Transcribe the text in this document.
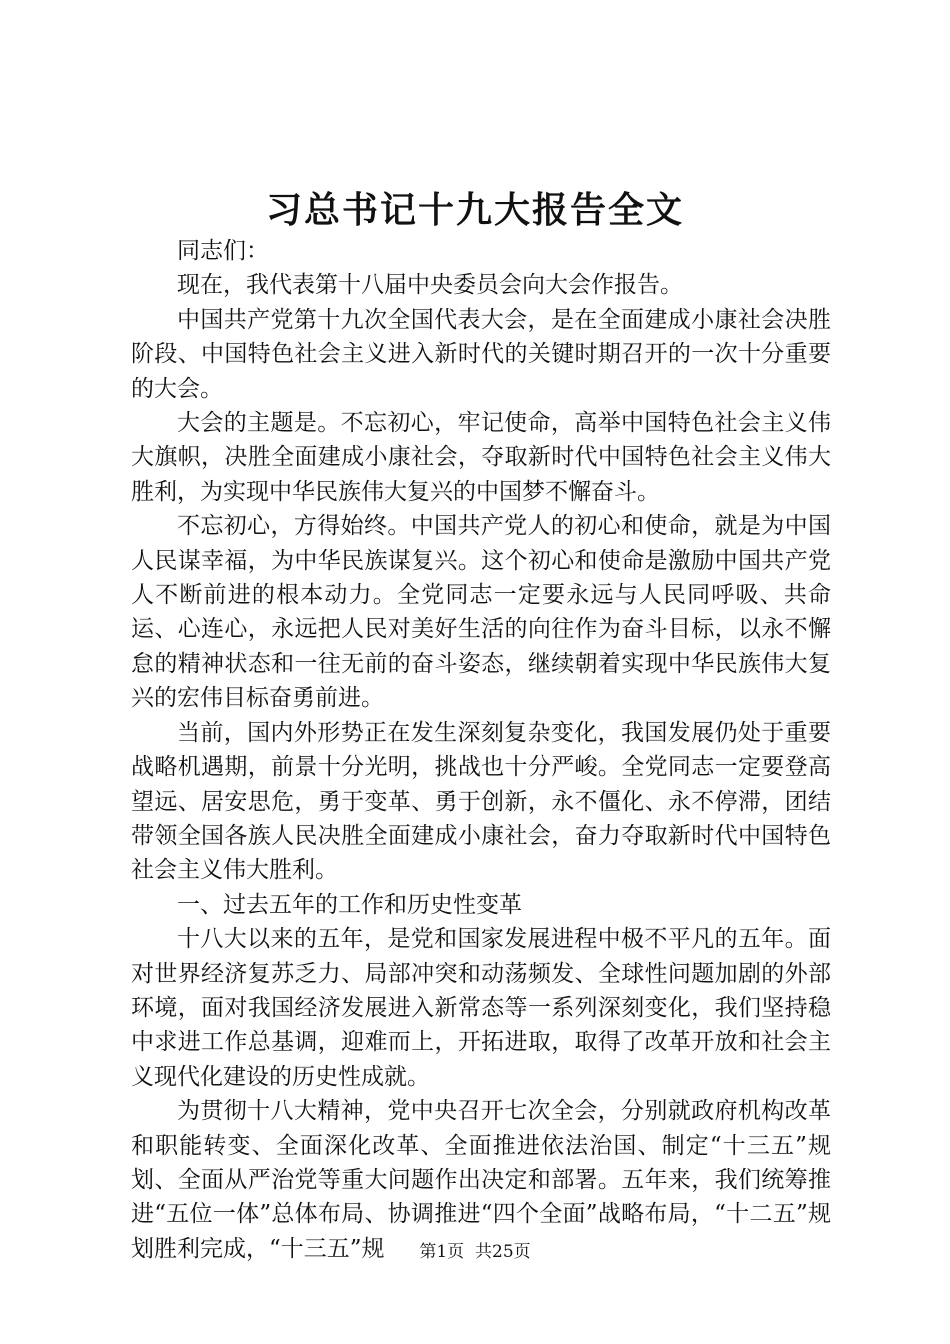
习总书记十九大报告全文

同志们：

现在，我代表第十八届中央委员会向大会作报告。

中国共产党第十九次全国代表大会，是在全面建成小康社会决胜阶段、中国特色社会主义进入新时代的关键时期召开的一次十分重要的大会。

大会的主题是。不忘初心，牢记使命，高举中国特色社会主义伟大旗帜，决胜全面建成小康社会，夺取新时代中国特色社会主义伟大胜利，为实现中华民族伟大复兴的中国梦不懈奋斗。

不忘初心，方得始终。中国共产党人的初心和使命，就是为中国人民谋幸福，为中华民族谋复兴。这个初心和使命是激励中国共产党人不断前进的根本动力。全党同志一定要永远与人民同呼吸、共命运、心连心，永远把人民对美好生活的向往作为奋斗目标，以永不懈怠的精神状态和一往无前的奋斗姿态，继续朝着实现中华民族伟大复兴的宏伟目标奋勇前进。

当前，国内外形势正在发生深刻复杂变化，我国发展仍处于重要战略机遇期，前景十分光明，挑战也十分严峻。全党同志一定要登高望远、居安思危，勇于变革、勇于创新，永不僵化、永不停滞，团结带领全国各族人民决胜全面建成小康社会，奋力夺取新时代中国特色社会主义伟大胜利。

一、过去五年的工作和历史性变革

十八大以来的五年，是党和国家发展进程中极不平凡的五年。面对世界经济复苏乏力、局部冲突和动荡频发、全球性问题加剧的外部环境，面对我国经济发展进入新常态等一系列深刻变化，我们坚持稳中求进工作总基调，迎难而上，开拓进取，取得了改革开放和社会主义现代化建设的历史性成就。

为贯彻十八大精神，党中央召开七次全会，分别就政府机构改革和职能转变、全面深化改革、全面推进依法治国、制定“十三五”规划、全面从严治党等重大问题作出决定和部署。五年来，我们统筹推进“五位一体”总体布局、协调推进“四个全面”战略布局，“十二五”规划胜利完成，“十三五”规	第1页 共25页
